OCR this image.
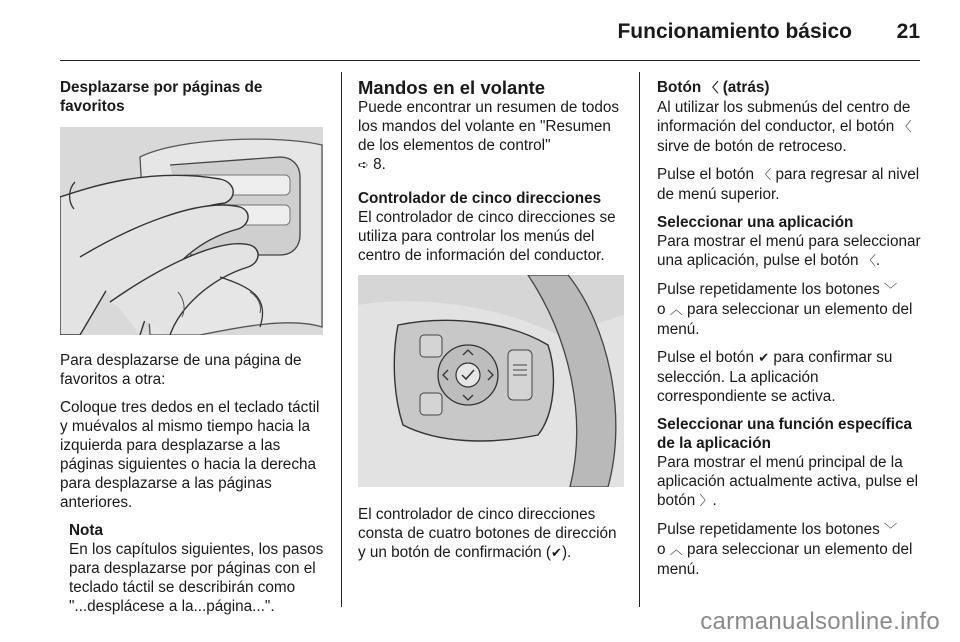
Funcionamiento básico 21
Desplazarse por páginas de favoritos

Para desplazarse de una página de favoritos a otra:

Coloque tres dedos en el teclado táctil y muévalos al mismo tiempo hacia la izquierda para desplazarse a las páginas siguientes o hacia la derecha para desplazarse a las páginas anteriores.

Nota
En los capítulos siguientes, los pasos para desplazarse por páginas con el teclado táctil se describirán como "...desplácese a la...página...".
Mandos en el volante

Puede encontrar un resumen de todos los mandos del volante en "Resumen de los elementos de control"
➪ 8.

Controlador de cinco direcciones

El controlador de cinco direcciones se utiliza para controlar los menús del centro de información del conductor.

El controlador de cinco direcciones consta de cuatro botones de dirección y un botón de confirmación (✔).

Botón 〈 (atrás)

Al utilizar los submenús del centro de información del conductor, el botón 〈 sirve de botón de retroceso.

Pulse el botón 〈 para regresar al nivel de menú superior.

Seleccionar una aplicación

Para mostrar el menú para seleccionar una aplicación, pulse el botón 〈.

Pulse repetidamente los botones ﹀
o ︿ para seleccionar un elemento del menú.

Pulse el botón ✔ para confirmar su selección. La aplicación correspondiente se activa.

Seleccionar una función específica de la aplicación

Para mostrar el menú principal de la aplicación actualmente activa, pulse el botón 〉.

Pulse repetidamente los botones ﹀
o ︿ para seleccionar un elemento del menú.

carmanualsonline.info
